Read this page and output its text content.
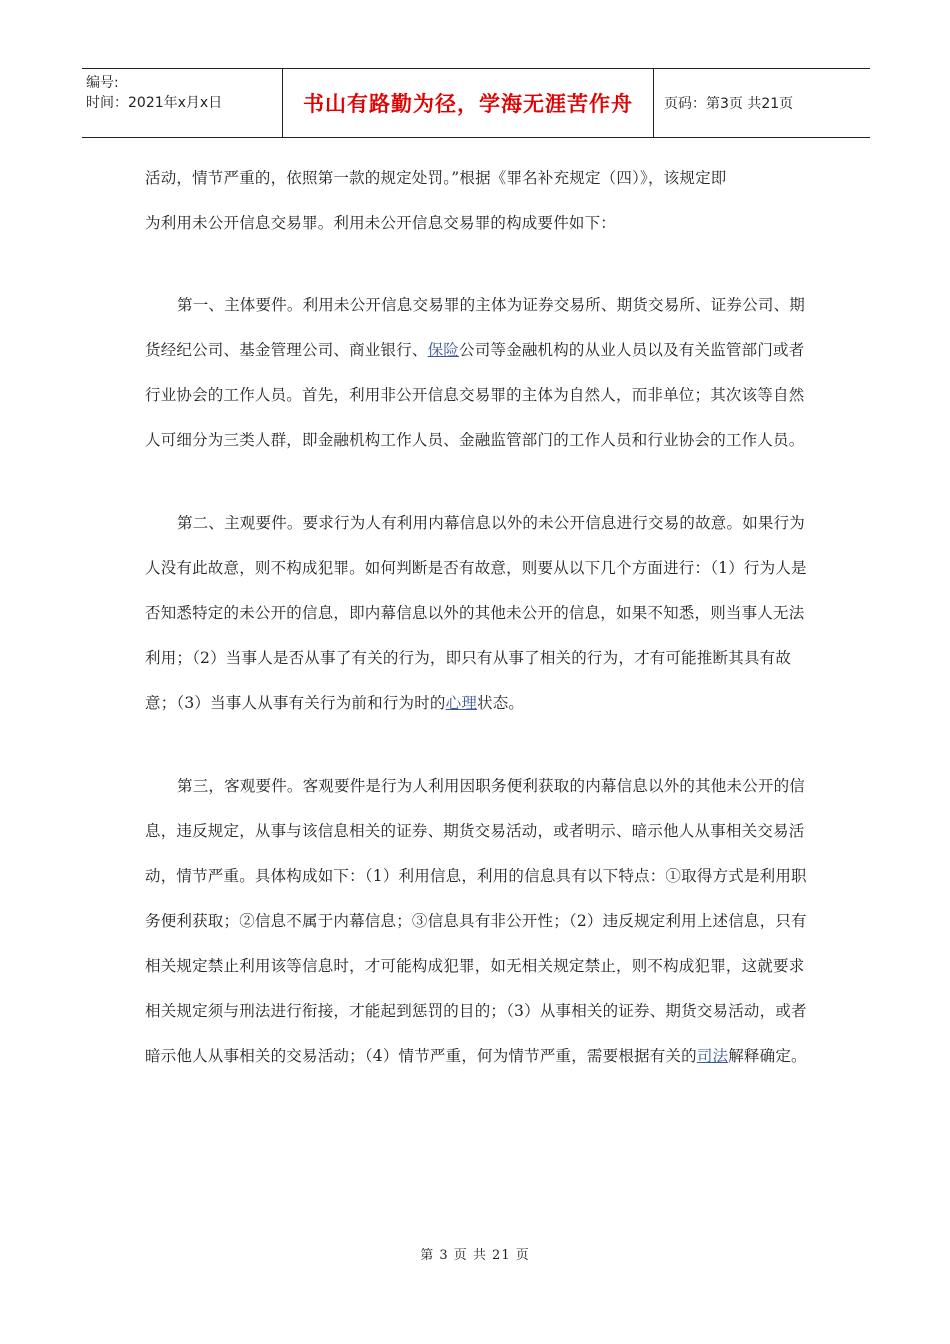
编号:
时间：2021年x月x日	书山有路勤为径，学海无涯苦作舟	页码：第3页 共21页

活动，情节严重的，依照第一款的规定处罚。”根据《罪名补充规定（四）》，该规定即
为利用未公开信息交易罪。利用未公开信息交易罪的构成要件如下：

第一、主体要件。利用未公开信息交易罪的主体为证券交易所、期货交易所、证券公司、期货经纪公司、基金管理公司、商业银行、保险公司等金融机构的从业人员以及有关监管部门或者行业协会的工作人员。首先，利用非公开信息交易罪的主体为自然人，而非单位；其次该等自然人可细分为三类人群，即金融机构工作人员、金融监管部门的工作人员和行业协会的工作人员。

第二、主观要件。要求行为人有利用内幕信息以外的未公开信息进行交易的故意。如果行为人没有此故意，则不构成犯罪。如何判断是否有故意，则要从以下几个方面进行：（1）行为人是否知悉特定的未公开的信息，即内幕信息以外的其他未公开的信息，如果不知悉，则当事人无法利用；（2）当事人是否从事了有关的行为，即只有从事了相关的行为，才有可能推断其具有故意；（3）当事人从事有关行为前和行为时的心理状态。

第三，客观要件。客观要件是行为人利用因职务便利获取的内幕信息以外的其他未公开的信息，违反规定，从事与该信息相关的证券、期货交易活动，或者明示、暗示他人从事相关交易活动，情节严重。具体构成如下：（1）利用信息，利用的信息具有以下特点：①取得方式是利用职务便利获取；②信息不属于内幕信息；③信息具有非公开性；（2）违反规定利用上述信息，只有相关规定禁止利用该等信息时，才可能构成犯罪，如无相关规定禁止，则不构成犯罪，这就要求相关规定须与刑法进行衔接，才能起到惩罚的目的；（3）从事相关的证券、期货交易活动，或者暗示他人从事相关的交易活动；（4）情节严重，何为情节严重，需要根据有关的司法解释确定。

第 3 页 共 21 页
